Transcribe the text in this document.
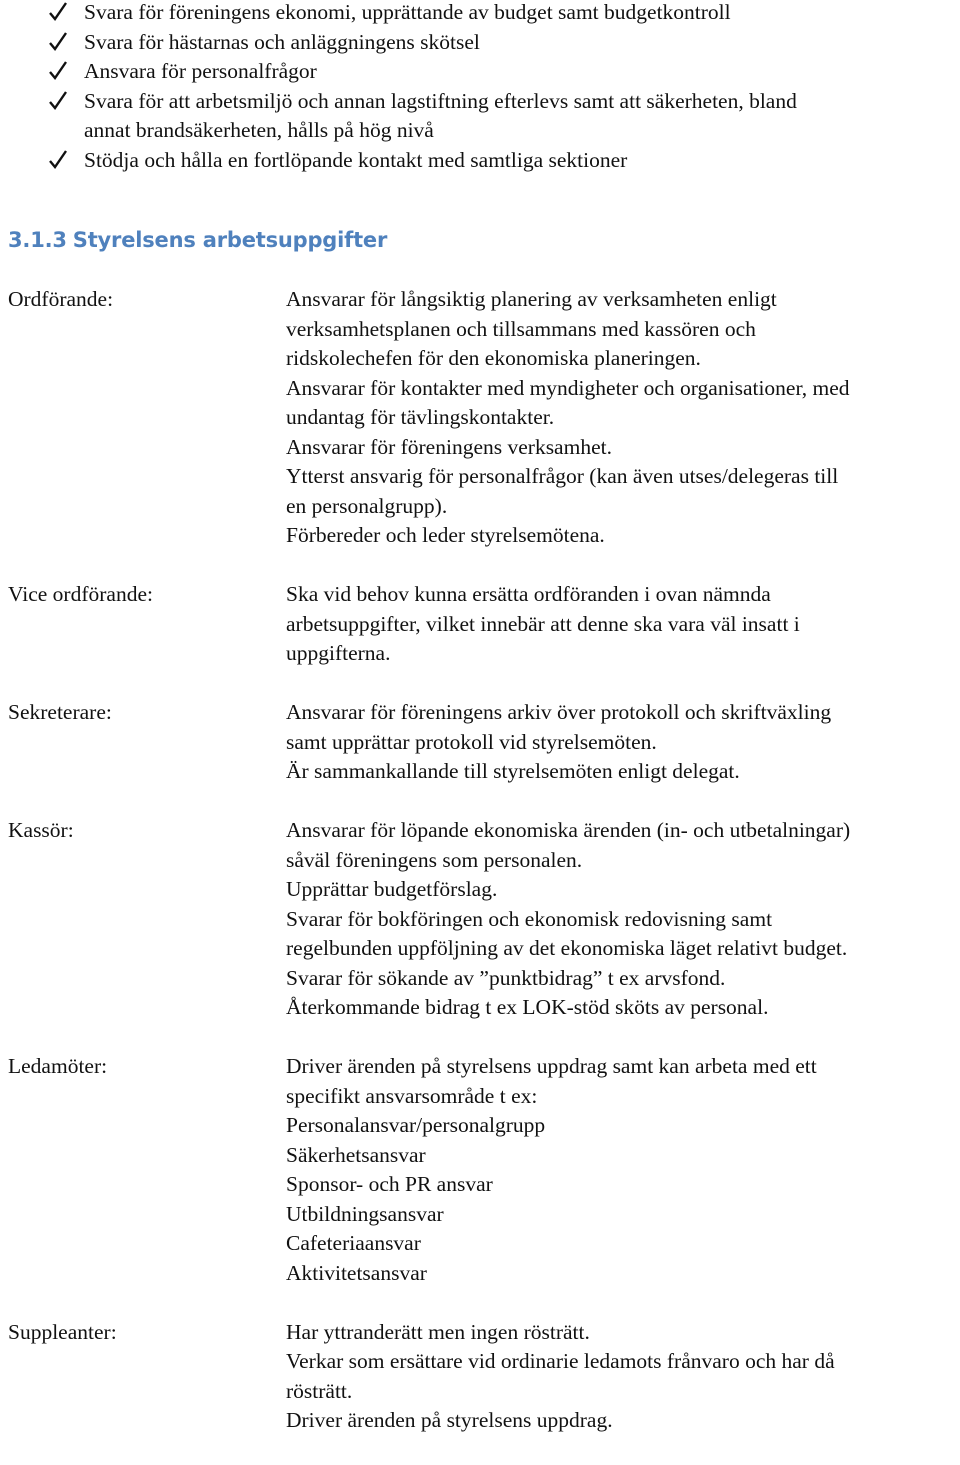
Svara för föreningens ekonomi, upprättande av budget samt budgetkontroll
Svara för hästarnas och anläggningens skötsel
Ansvara för personalfrågor
Svara för att arbetsmiljö och annan lagstiftning efterlevs samt att säkerheten, bland
annat brandsäkerheten, hålls på hög nivå
Stödja och hålla en fortlöpande kontakt med samtliga sektioner
3.1.3 Styrelsens arbetsuppgifter
Ordförande:	Ansvarar för långsiktig planering av verksamheten enligt
verksamhetsplanen och tillsammans med kassören och
ridskolechefen för den ekonomiska planeringen.
Ansvarar för kontakter med myndigheter och organisationer, med
undantag för tävlingskontakter.
Ansvarar för föreningens verksamhet.
Ytterst ansvarig för personalfrågor (kan även utses/delegeras till
en personalgrupp).
Förbereder och leder styrelsemötena.
Vice ordförande:	Ska vid behov kunna ersätta ordföranden i ovan nämnda
arbetsuppgifter, vilket innebär att denne ska vara väl insatt i
uppgifterna.
Sekreterare:	Ansvarar för föreningens arkiv över protokoll och skriftväxling
samt upprättar protokoll vid styrelsemöten.
Är sammankallande till styrelsemöten enligt delegat.
Kassör:	Ansvarar för löpande ekonomiska ärenden (in- och utbetalningar)
såväl föreningens som personalen.
Upprättar budgetförslag.
Svarar för bokföringen och ekonomisk redovisning samt
regelbunden uppföljning av det ekonomiska läget relativt budget.
Svarar för sökande av ”punktbidrag” t ex arvsfond.
Återkommande bidrag t ex LOK-stöd sköts av personal.
Ledamöter:	Driver ärenden på styrelsens uppdrag samt kan arbeta med ett
specifikt ansvarsområde t ex:
Personalansvar/personalgrupp
Säkerhetsansvar
Sponsor- och PR ansvar
Utbildningsansvar
Cafeteriaansvar
Aktivitetsansvar
Suppleanter:	Har yttranderätt men ingen rösträtt.
Verkar som ersättare vid ordinarie ledamots frånvaro och har då
rösträtt.
Driver ärenden på styrelsens uppdrag.
